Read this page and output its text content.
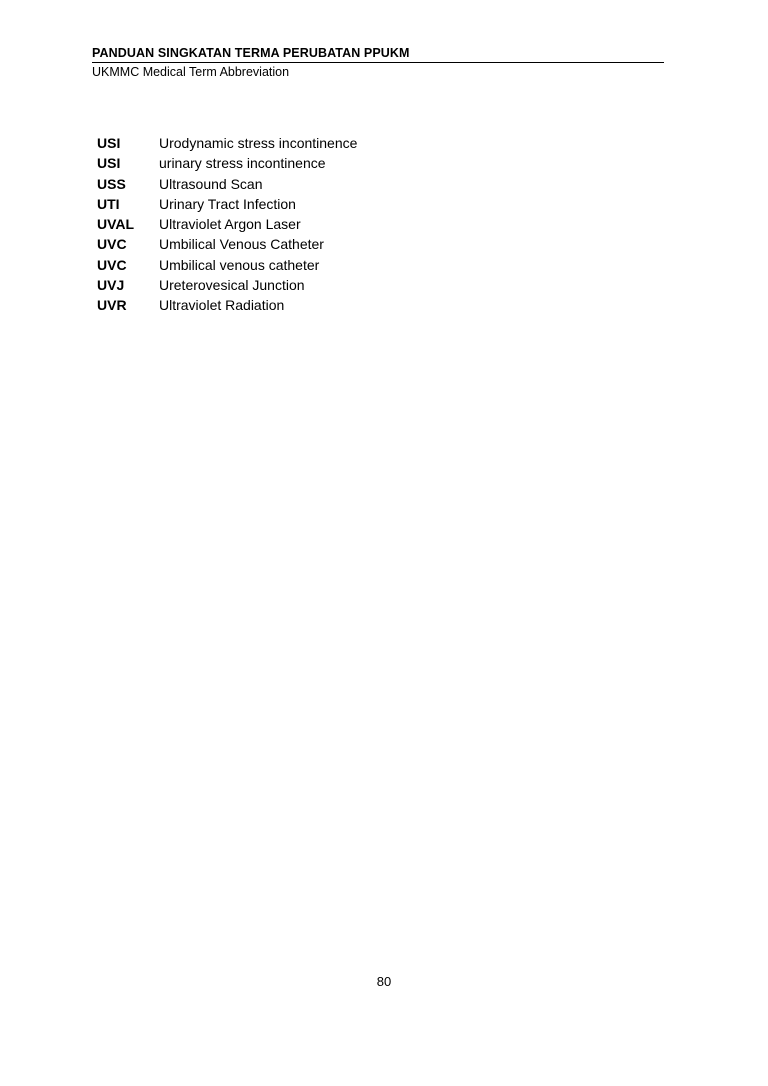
PANDUAN SINGKATAN TERMA PERUBATAN PPUKM
UKMMC Medical Term Abbreviation
USI	Urodynamic stress incontinence
USI	urinary stress incontinence
USS	Ultrasound Scan
UTI	Urinary Tract Infection
UVAL	Ultraviolet Argon Laser
UVC	Umbilical Venous Catheter
UVC	Umbilical venous catheter
UVJ	Ureterovesical Junction
UVR	Ultraviolet Radiation
80
